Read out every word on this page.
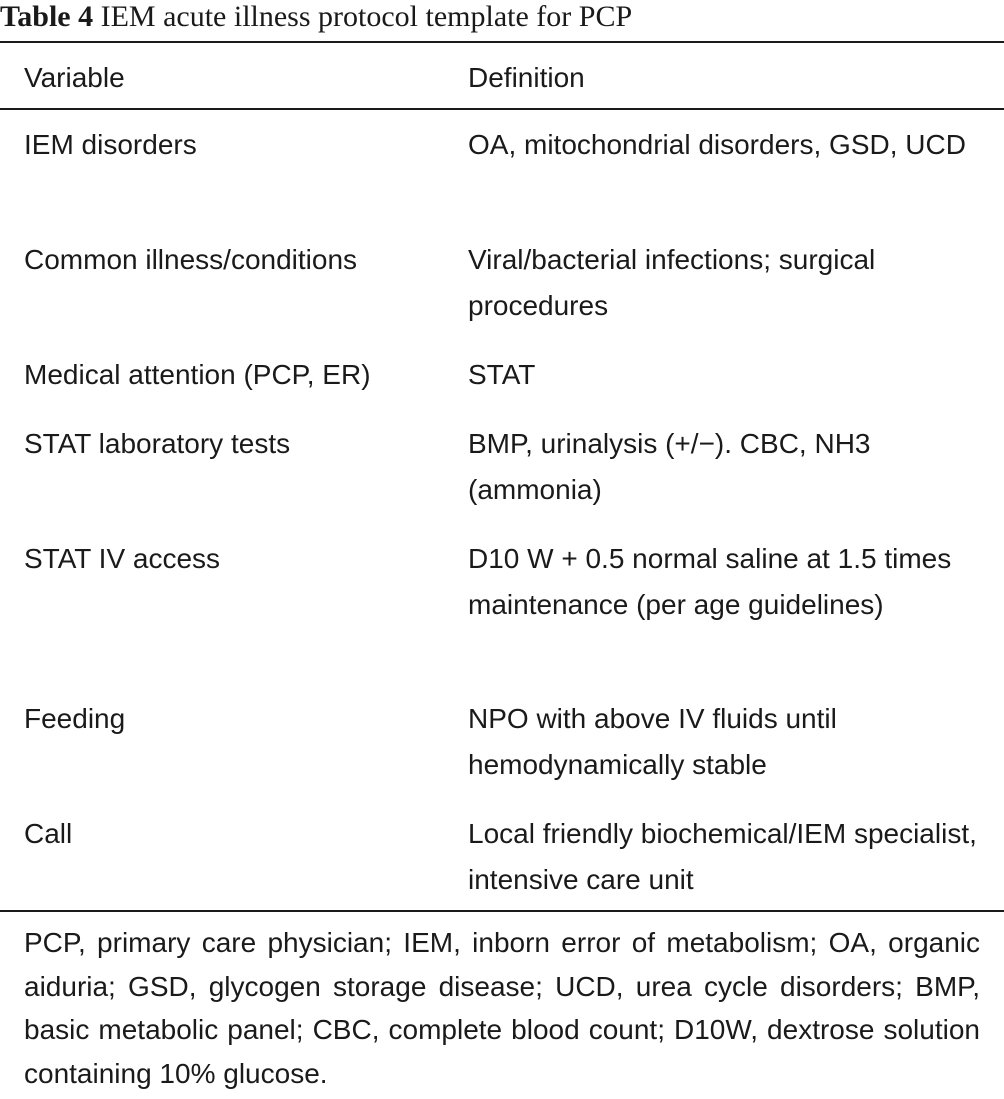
Table 4 IEM acute illness protocol template for PCP
Variable	Definition
IEM disorders	OA, mitochondrial disorders, GSD, UCD
Common illness/conditions	Viral/bacterial infections; surgical procedures
Medical attention (PCP, ER)	STAT
STAT laboratory tests	BMP, urinalysis (+/−). CBC, NH3 (ammonia)
STAT IV access	D10 W + 0.5 normal saline at 1.5 times maintenance (per age guidelines)
Feeding	NPO with above IV fluids until hemodynamically stable
Call	Local friendly biochemical/IEM specialist, intensive care unit
PCP, primary care physician; IEM, inborn error of metabolism; OA, organic aiduria; GSD, glycogen storage disease; UCD, urea cycle disorders; BMP, basic metabolic panel; CBC, complete blood count; D10W, dextrose solution containing 10% glucose.
